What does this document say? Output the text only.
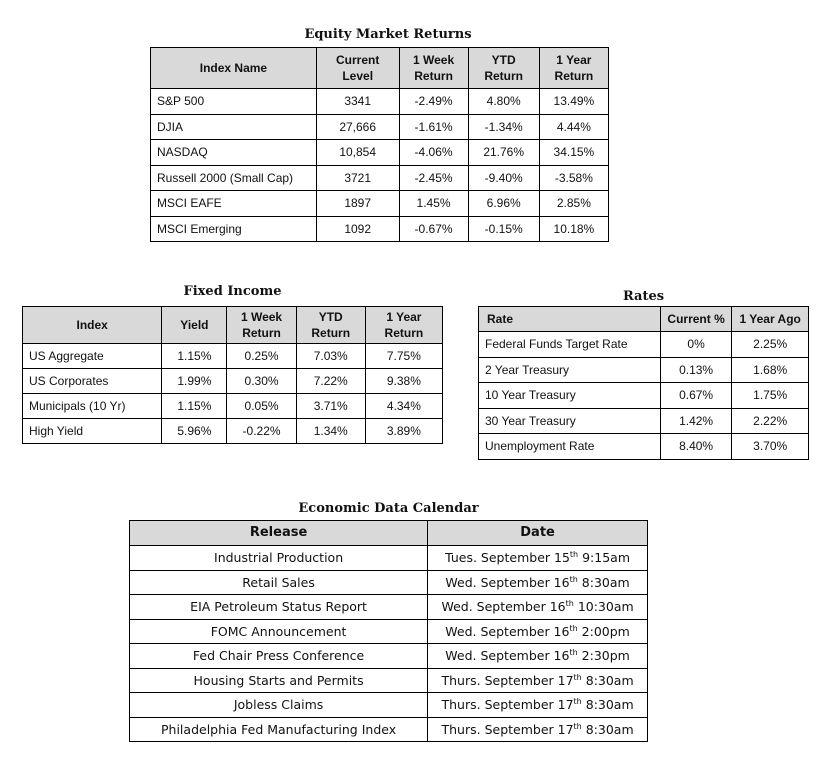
Equity Market Returns
Index Name	Current Level	1 Week Return	YTD Return	1 Year Return
S&P 500	3341	-2.49%	4.80%	13.49%
DJIA	27,666	-1.61%	-1.34%	4.44%
NASDAQ	10,854	-4.06%	21.76%	34.15%
Russell 2000 (Small Cap)	3721	-2.45%	-9.40%	-3.58%
MSCI EAFE	1897	1.45%	6.96%	2.85%
MSCI Emerging	1092	-0.67%	-0.15%	10.18%
Fixed Income
Index	Yield	1 Week Return	YTD Return	1 Year Return
US Aggregate	1.15%	0.25%	7.03%	7.75%
US Corporates	1.99%	0.30%	7.22%	9.38%
Municipals (10 Yr)	1.15%	0.05%	3.71%	4.34%
High Yield	5.96%	-0.22%	1.34%	3.89%
Rates
Rate	Current %	1 Year Ago
Federal Funds Target Rate	0%	2.25%
2 Year Treasury	0.13%	1.68%
10 Year Treasury	0.67%	1.75%
30 Year Treasury	1.42%	2.22%
Unemployment Rate	8.40%	3.70%
Economic Data Calendar
Release	Date
Industrial Production	Tues. September 15th 9:15am
Retail Sales	Wed. September 16th 8:30am
EIA Petroleum Status Report	Wed. September 16th 10:30am
FOMC Announcement	Wed. September 16th 2:00pm
Fed Chair Press Conference	Wed. September 16th 2:30pm
Housing Starts and Permits	Thurs. September 17th 8:30am
Jobless Claims	Thurs. September 17th 8:30am
Philadelphia Fed Manufacturing Index	Thurs. September 17th 8:30am
